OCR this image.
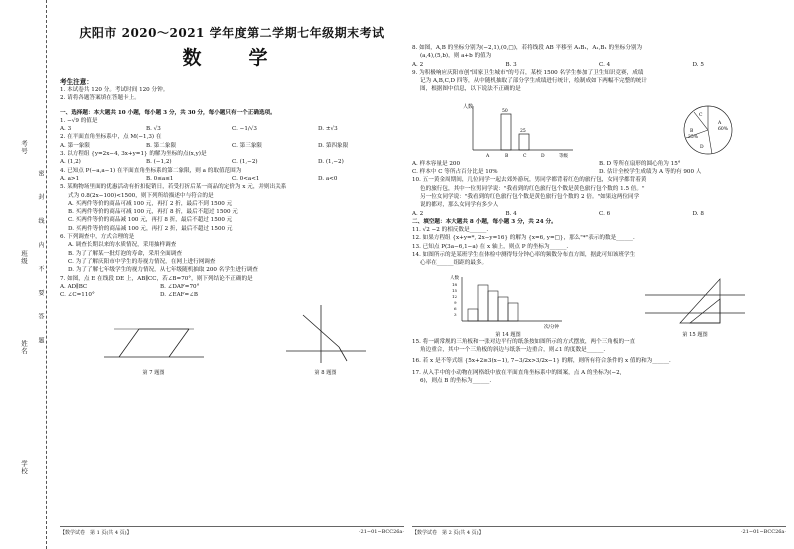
考号
班级
姓名
学校
密 封 线 内 不 要 答 题
庆阳市 2020～2021 学年度第二学期七年级期末考试
数　学
考生注意：
1. 本试卷共 120 分。考试时间 120 分钟。
2. 请将各题答案填在答题卡上。
一、选择题：本大题共 10 小题，每小题 3 分，共 30 分，每小题只有一个正确选项。
1. −√9 的值是
A. 3	B. √3	C. −1/√3	D. ±√3
2. 在平面直角坐标系中，点 M(−1,3) 在
A. 第一象限	B. 第二象限	C. 第三象限	D. 第四象限
3. 以方程组 {y=2x−4, 3x+y=1} 的解为坐标的点(x,y)是
A. (1,2)	B. (−1,2)	C. (1,−2)	D. (1,−2)
4. 已知点 P(−a,a−1) 在平面直角坐标系的第二象限，则 a 的取值范围为
A. a>1	B. 0≤a≤1	C. 0<a<1	D. a<0
5. 某购物场里面的优惠活动有折扣促销日，若受打折后某一商品的定价为 x 元，并则出关系
式为 0.8(2x−100)<1500，则下列所给描述中与符合的是
A. 买两件等价的商品可减 100 元，再打 2 折，最后不到 1500 元
B. 买两件等价的商品可减 100 元，再打 8 折，最后不超过 1500 元
C. 买两件等价的商品减 100 元，再打 8 折，最后不超过 1500 元
D. 买两件等价的商品减 100 元，再打 2 折，最后不超过 1500 元
6. 下列调查中，方式合理的是
A. 调查长期以来的水质情况，采用抽样调查
B. 为了了解某一批灯泡的寿命，采用全面调查
C. 为了了解庆阳市中学生的寿视力情况，在网上进行网调查
D. 为了了解七年级学生的视力情况，从七年级随机抽取 200 名学生进行调查
7. 如图，点 E 在线段 DE 上，AB∥CC，若∠B=70°，则下列结论不正确的是
A. AD∥BC	B. ∠DAF=70°
C. ∠C=110°	D. ∠EAF=∠B
第 7 题图	第 8 题图
【数学试卷　第 1 页(共 4 页)】	·21−01−BCC26a·
8. 如图，A,B 的坐标分别为(−2,1),(0,□)，若将线段 AB 平移至 A₁B₁，A₁,B₁ 的坐标分别为
(a,4),(5,b)，则 a+b 的值为
A. 2	B. 3	C. 4	D. 5
9. 为积极响应庆阳市创"国家卫生城市"的号召，某校 1500 名学生参加了卫生知识竞赛，成绩
记为 A,B,C,D 四等，从中随机抽取了部分学生成绩进行统计，绘制成如下两幅不完整的统计
图，根据图中信息，以下说法不正确的是
人数
50
25
A	B	C	D	等级
A
60%
B
25%
C
D
A. 样本容量是 200	B. D 等所在扇形的圆心角为 15°
C. 样本中 C 等所占百分比是 10%	D. 估计全校学生成绩为 A 等的有 900 人
10. 五一黄金周期间，几位同学一起去郊外游玩，男同学都背着红色的旅行包，女同学都背着黄
色的旅行包，其中一位男同学说："我看到的红色旅行包个数是黄色旅行包个数的 1.5 倍。"
另一位女同学说："我看到的红色旅行包个数是黄色旅行包个数的 2 倍。"如果这两位同学
说的都对，那么女同学有多少人
A. 2	B. 4	C. 6	D. 8
二、填空题：本大题共 8 小题，每小题 3 分，共 24 分。
11. √2 −2 的相反数是______.
12. 如果方程组 {x+y=*, 2x−y=16} 的解为 {x=6, y=□}，那么"*"表示的数是______.
13. 已知点 P(3a−6,1−a) 在 x 轴上，则点 P 的坐标为______.
14. 如图所示的是某班学生在体检中测得每分钟心率的频数分布直方图，据此可知该班学生
心率在______组距的最多。
人数
次/分钟
18
15
12
9
6
3
第 14 题图	第 15 题图
15. 将一副常规的三角板和一张对边平行的纸条按如图所示的方式摆放，两个三角板的一直
角边重合，其中一个三角板的斜边与纸条一边重合，则∠1 的度数是______.
16. 若 x 是不等式组 {5x+2≥3(x−1), 7−3/2x>3/2x−1} 的解，则所有符合条件的 x 值的和为______.
17. 从入手中的小动物在网格纸中放在平面直角坐标系中的图案，点 A 的坐标为(−2,
6)，则点 B 的坐标为______.
【数学试卷　第 2 页(共 4 页)】	·21−01−BCC26a·
